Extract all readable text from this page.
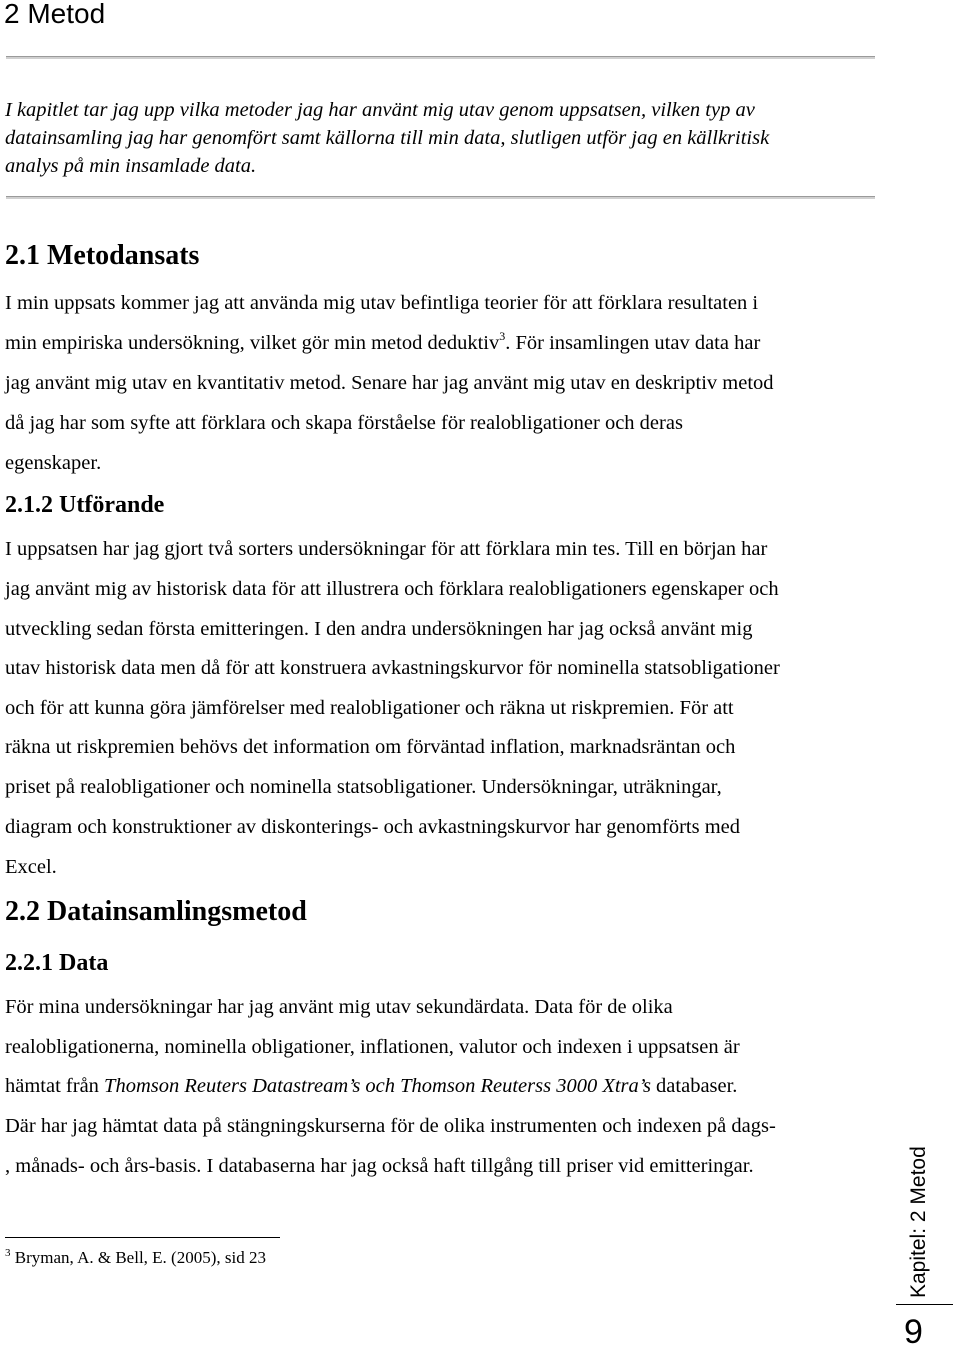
2 Metod
I kapitlet tar jag upp vilka metoder jag har använt mig utav genom uppsatsen, vilken typ av
datainsamling jag har genomfört samt källorna till min data, slutligen utför jag en källkritisk
analys på min insamlade data.
2.1 Metodansats
I min uppsats kommer jag att använda mig utav befintliga teorier för att förklara resultaten i
min empiriska undersökning, vilket gör min metod deduktiv$^3$. För insamlingen utav data har
jag använt mig utav en kvantitativ metod. Senare har jag använt mig utav en deskriptiv metod
då jag har som syfte att förklara och skapa förståelse för realobligationer och deras
egenskaper.
2.1.2 Utförande
I uppsatsen har jag gjort två sorters undersökningar för att förklara min tes. Till en början har
jag använt mig av historisk data för att illustrera och förklara realobligationers egenskaper och
utveckling sedan första emitteringen. I den andra undersökningen har jag också använt mig
utav historisk data men då för att konstruera avkastningskurvor för nominella statsobligationer
och för att kunna göra jämförelser med realobligationer och räkna ut riskpremien. För att
räkna ut riskpremien behövs det information om förväntad inflation, marknadsräntan och
priset på realobligationer och nominella statsobligationer. Undersökningar, uträkningar,
diagram och konstruktioner av diskonterings- och avkastningskurvor har genomförts med
Excel.
2.2 Datainsamlingsmetod
2.2.1 Data
För mina undersökningar har jag använt mig utav sekundärdata. Data för de olika
realobligationerna, nominella obligationer, inflationen, valutor och indexen i uppsatsen är
hämtat från Thomson Reuters Datastream’s och Thomson Reuterss 3000 Xtra’s databaser.
Där har jag hämtat data på stängningskurserna för de olika instrumenten och indexen på dags-
, månads- och års-basis. I databaserna har jag också haft tillgång till priser vid emitteringar.
$^3$ Bryman, A. & Bell, E. (2005), sid 23	Kapitel: 2 Metod
9
